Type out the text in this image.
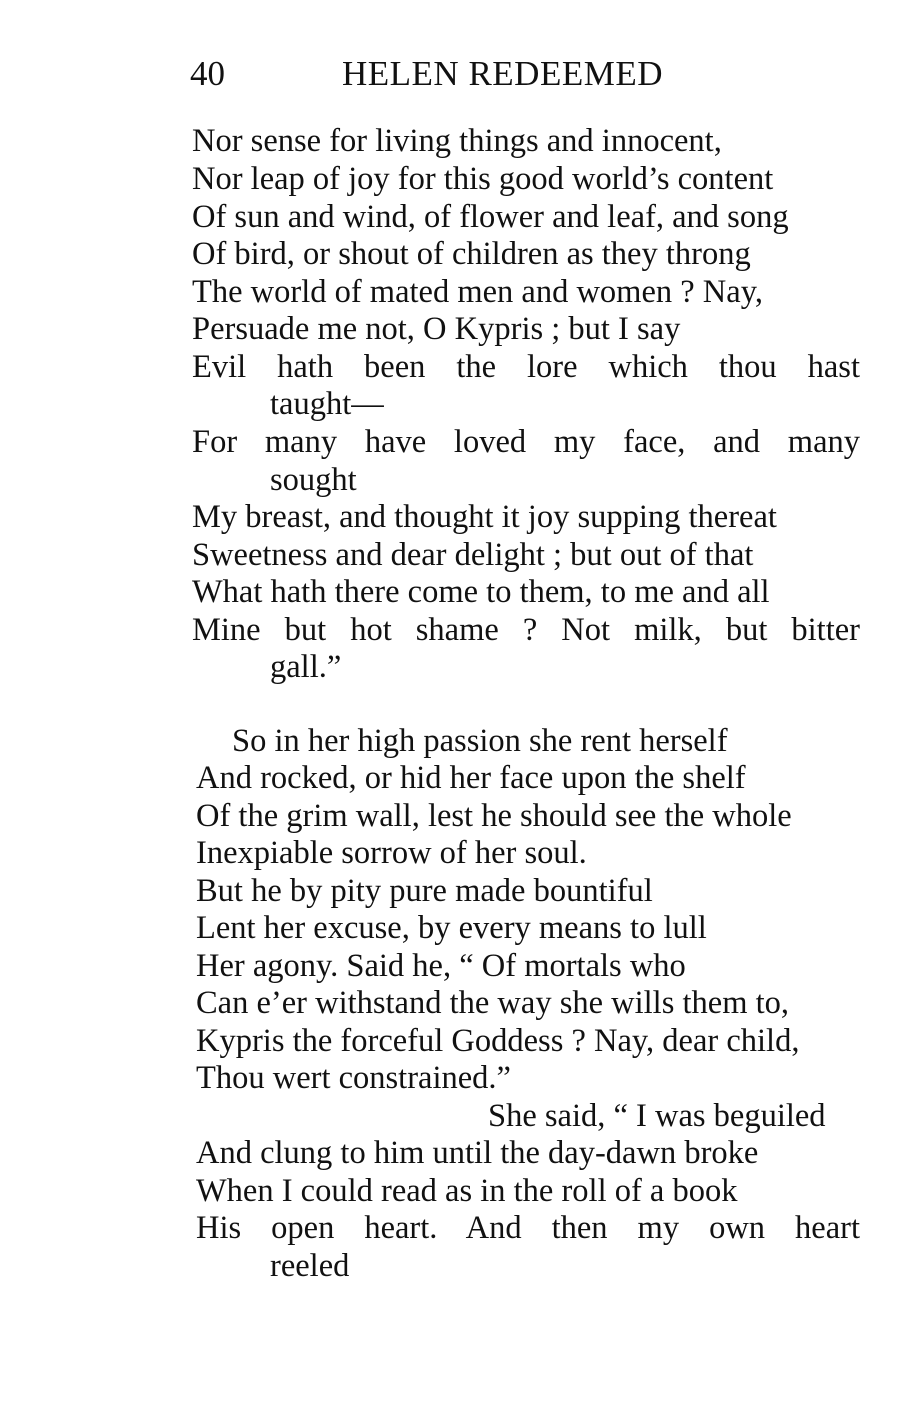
40	HELEN REDEEMED
Nor sense for living things and innocent,
Nor leap of joy for this good world’s content
Of sun and wind, of flower and leaf, and song
Of bird, or shout of children as they throng
The world of mated men and women ? Nay,
Persuade me not, O Kypris ; but I say
Evil hath been the lore which thou hast
taught—
For many have loved my face, and many
sought
My breast, and thought it joy supping thereat
Sweetness and dear delight ; but out of that
What hath there come to them, to me and all
Mine but hot shame ? Not milk, but bitter
gall.”
So in her high passion she rent herself
And rocked, or hid her face upon the shelf
Of the grim wall, lest he should see the whole
Inexpiable sorrow of her soul.
But he by pity pure made bountiful
Lent her excuse, by every means to lull
Her agony. Said he, “ Of mortals who
Can e’er withstand the way she wills them to,
Kypris the forceful Goddess ? Nay, dear child,
Thou wert constrained.”
She said, “ I was beguiled
And clung to him until the day-dawn broke
When I could read as in the roll of a book
His open heart. And then my own heart
reeled
